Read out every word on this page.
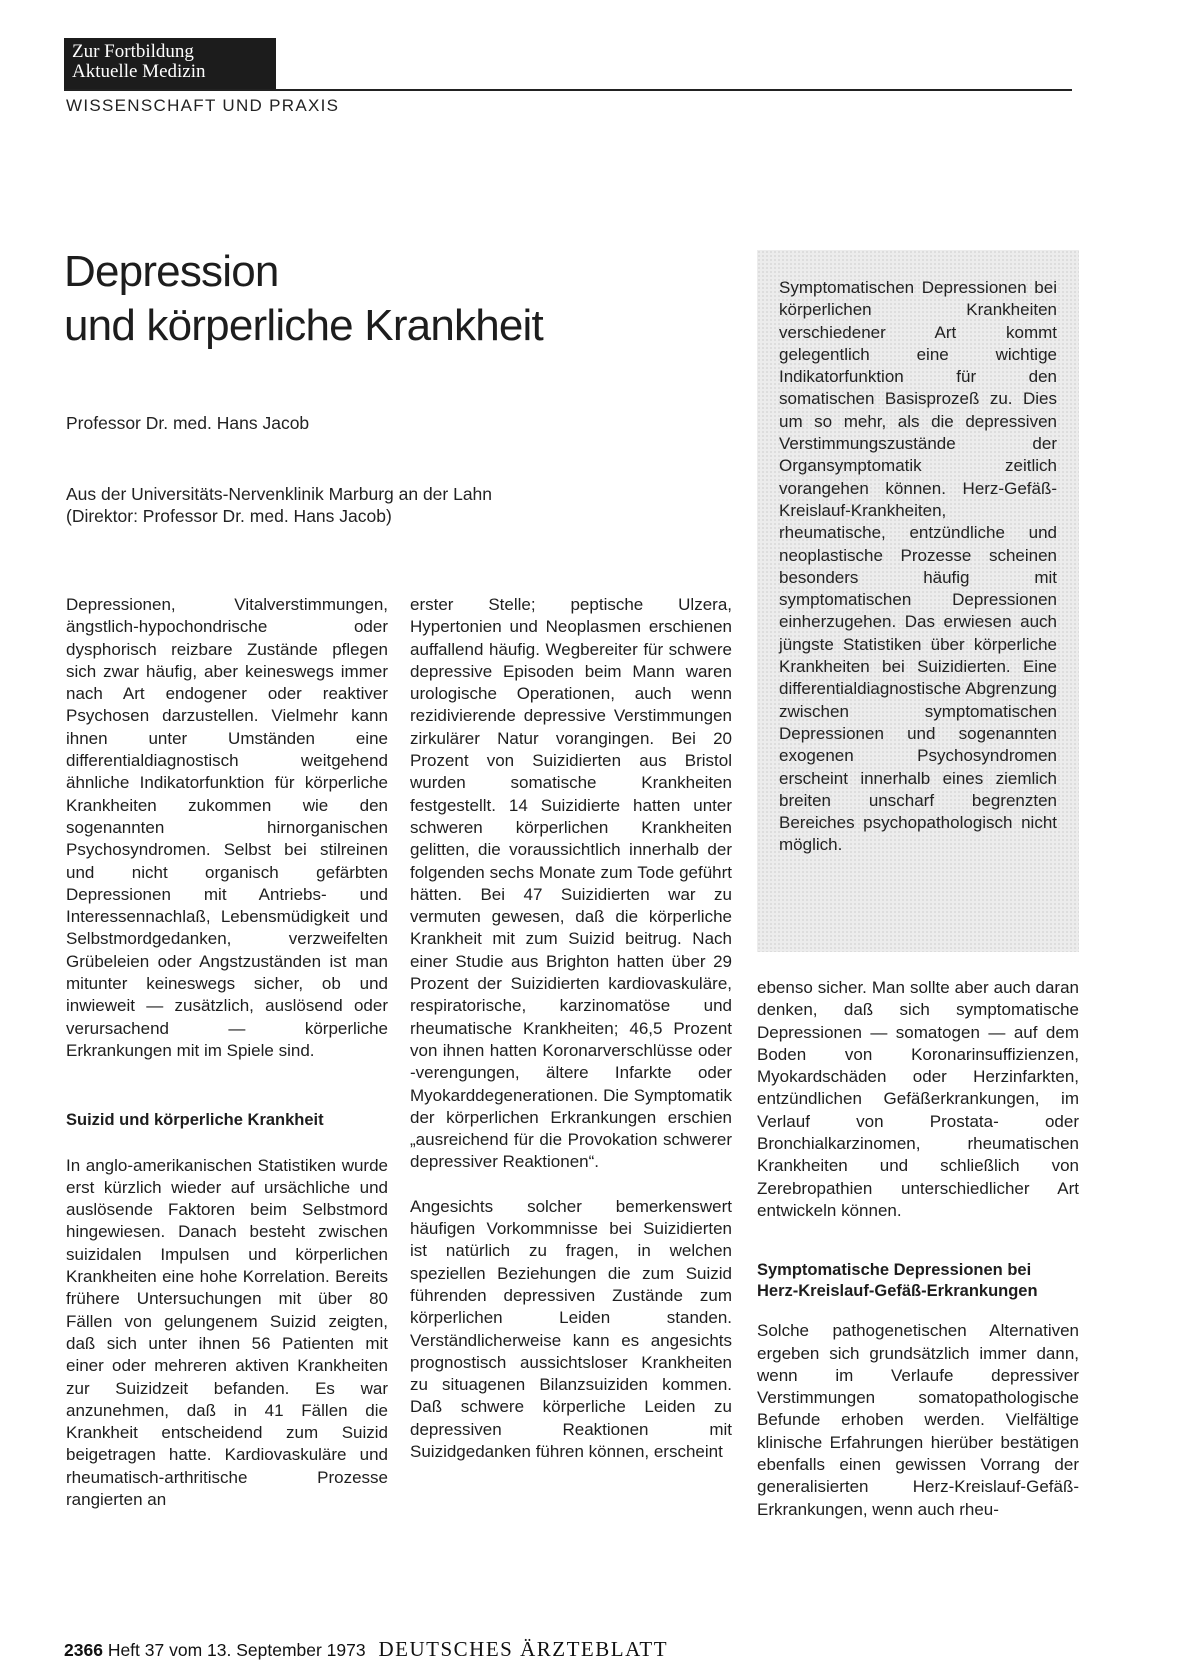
Zur Fortbildung
Aktuelle Medizin
WISSENSCHAFT UND PRAXIS
Depression
und körperliche Krankheit
Professor Dr. med. Hans Jacob
Aus der Universitäts-Nervenklinik Marburg an der Lahn
(Direktor: Professor Dr. med. Hans Jacob)

Symptomatischen Depressionen bei körperlichen Krankheiten verschiedener Art kommt gelegentlich eine wichtige Indikatorfunktion für den somatischen Basisprozeß zu. Dies um so mehr, als die depressiven Verstimmungszustände der Organsymptomatik zeitlich vorangehen können. Herz-Gefäß-Kreislauf-Krankheiten, rheumatische, entzündliche und neoplastische Prozesse scheinen besonders häufig mit symptomatischen Depressionen einherzugehen. Das erwiesen auch jüngste Statistiken über körperliche Krankheiten bei Suizidierten. Eine differentialdiagnostische Abgrenzung zwischen symptomatischen Depressionen und sogenannten exogenen Psychosyndromen erscheint innerhalb eines ziemlich breiten unscharf begrenzten Bereiches psychopathologisch nicht möglich.

Depressionen, Vitalverstimmungen, ängstlich-hypochondrische oder dysphorisch reizbare Zustände pflegen sich zwar häufig, aber keineswegs immer nach Art endogener oder reaktiver Psychosen darzustellen. Vielmehr kann ihnen unter Umständen eine differentialdiagnostisch weitgehend ähnliche Indikatorfunktion für körperliche Krankheiten zukommen wie den sogenannten hirnorganischen Psychosyndromen. Selbst bei stilreinen und nicht organisch gefärbten Depressionen mit Antriebs- und Interessennachlaß, Lebensmüdigkeit und Selbstmordgedanken, verzweifelten Grübeleien oder Angstzuständen ist man mitunter keineswegs sicher, ob und inwieweit — zusätzlich, auslösend oder verursachend — körperliche Erkrankungen mit im Spiele sind.

Suizid und körperliche Krankheit

In anglo-amerikanischen Statistiken wurde erst kürzlich wieder auf ursächliche und auslösende Faktoren beim Selbstmord hingewiesen. Danach besteht zwischen suizidalen Impulsen und körperlichen Krankheiten eine hohe Korrelation. Bereits frühere Untersuchungen mit über 80 Fällen von gelungenem Suizid zeigten, daß sich unter ihnen 56 Patienten mit einer oder mehreren aktiven Krankheiten zur Suizidzeit befanden. Es war anzunehmen, daß in 41 Fällen die Krankheit entscheidend zum Suizid beigetragen hatte. Kardiovaskuläre und rheumatisch-arthritische Prozesse rangierten an

erster Stelle; peptische Ulzera, Hypertonien und Neoplasmen erschienen auffallend häufig. Wegbereiter für schwere depressive Episoden beim Mann waren urologische Operationen, auch wenn rezidivierende depressive Verstimmungen zirkulärer Natur vorangingen. Bei 20 Prozent von Suizidierten aus Bristol wurden somatische Krankheiten festgestellt. 14 Suizidierte hatten unter schweren körperlichen Krankheiten gelitten, die voraussichtlich innerhalb der folgenden sechs Monate zum Tode geführt hätten. Bei 47 Suizidierten war zu vermuten gewesen, daß die körperliche Krankheit mit zum Suizid beitrug. Nach einer Studie aus Brighton hatten über 29 Prozent der Suizidierten kardiovaskuläre, respiratorische, karzinomatöse und rheumatische Krankheiten; 46,5 Prozent von ihnen hatten Koronarverschlüsse oder -verengungen, ältere Infarkte oder Myokarddegenerationen. Die Symptomatik der körperlichen Erkrankungen erschien „ausreichend für die Provokation schwerer depressiver Reaktionen“.

Angesichts solcher bemerkenswert häufigen Vorkommnisse bei Suizidierten ist natürlich zu fragen, in welchen speziellen Beziehungen die zum Suizid führenden depressiven Zustände zum körperlichen Leiden standen. Verständlicherweise kann es angesichts prognostisch aussichtsloser Krankheiten zu situagenen Bilanzsuiziden kommen. Daß schwere körperliche Leiden zu depressiven Reaktionen mit Suizidgedanken führen können, erscheint

ebenso sicher. Man sollte aber auch daran denken, daß sich symptomatische Depressionen — somatogen — auf dem Boden von Koronarinsuffizienzen, Myokardschäden oder Herzinfarkten, entzündlichen Gefäßerkrankungen, im Verlauf von Prostata- oder Bronchialkarzinomen, rheumatischen Krankheiten und schließlich von Zerebropathien unterschiedlicher Art entwickeln können.

Symptomatische Depressionen bei
Herz-Kreislauf-Gefäß-Erkrankungen

Solche pathogenetischen Alternativen ergeben sich grundsätzlich immer dann, wenn im Verlaufe depressiver Verstimmungen somatopathologische Befunde erhoben werden. Vielfältige klinische Erfahrungen hierüber bestätigen ebenfalls einen gewissen Vorrang der generalisierten Herz-Kreislauf-Gefäß-Erkrankungen, wenn auch rheu-

2366 Heft 37 vom 13. September 1973 DEUTSCHES ÄRZTEBLATT
